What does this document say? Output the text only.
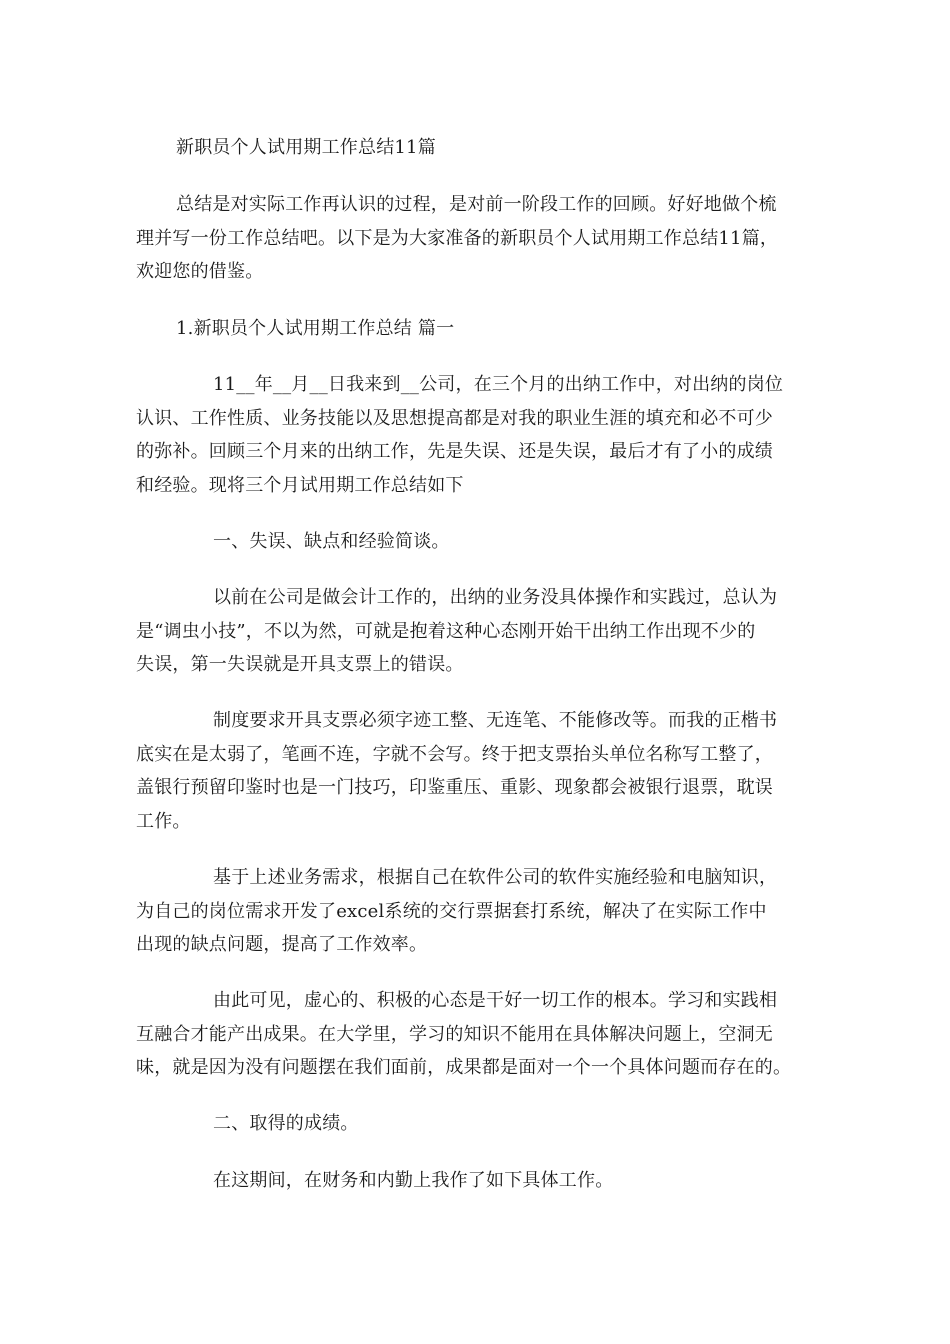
新职员个人试用期工作总结11篇
总结是对实际工作再认识的过程，是对前一阶段工作的回顾。好好地做个梳
理并写一份工作总结吧。以下是为大家准备的新职员个人试用期工作总结11篇，
欢迎您的借鉴。
1.新职员个人试用期工作总结 篇一
11__年__月__日我来到__公司，在三个月的出纳工作中，对出纳的岗位
认识、工作性质、业务技能以及思想提高都是对我的职业生涯的填充和必不可少
的弥补。回顾三个月来的出纳工作，先是失误、还是失误，最后才有了小的成绩
和经验。现将三个月试用期工作总结如下
一、失误、缺点和经验简谈。
以前在公司是做会计工作的，出纳的业务没具体操作和实践过，总认为
是“调虫小技”，不以为然，可就是抱着这种心态刚开始干出纳工作出现不少的
失误，第一失误就是开具支票上的错误。
制度要求开具支票必须字迹工整、无连笔、不能修改等。而我的正楷书
底实在是太弱了，笔画不连，字就不会写。终于把支票抬头单位名称写工整了，
盖银行预留印鉴时也是一门技巧，印鉴重压、重影、现象都会被银行退票，耽误
工作。
基于上述业务需求，根据自己在软件公司的软件实施经验和电脑知识，
为自己的岗位需求开发了excel系统的交行票据套打系统，解决了在实际工作中
出现的缺点问题，提高了工作效率。
由此可见，虚心的、积极的心态是干好一切工作的根本。学习和实践相
互融合才能产出成果。在大学里，学习的知识不能用在具体解决问题上，空洞无
味，就是因为没有问题摆在我们面前，成果都是面对一个一个具体问题而存在的。
二、取得的成绩。
在这期间，在财务和内勤上我作了如下具体工作。
